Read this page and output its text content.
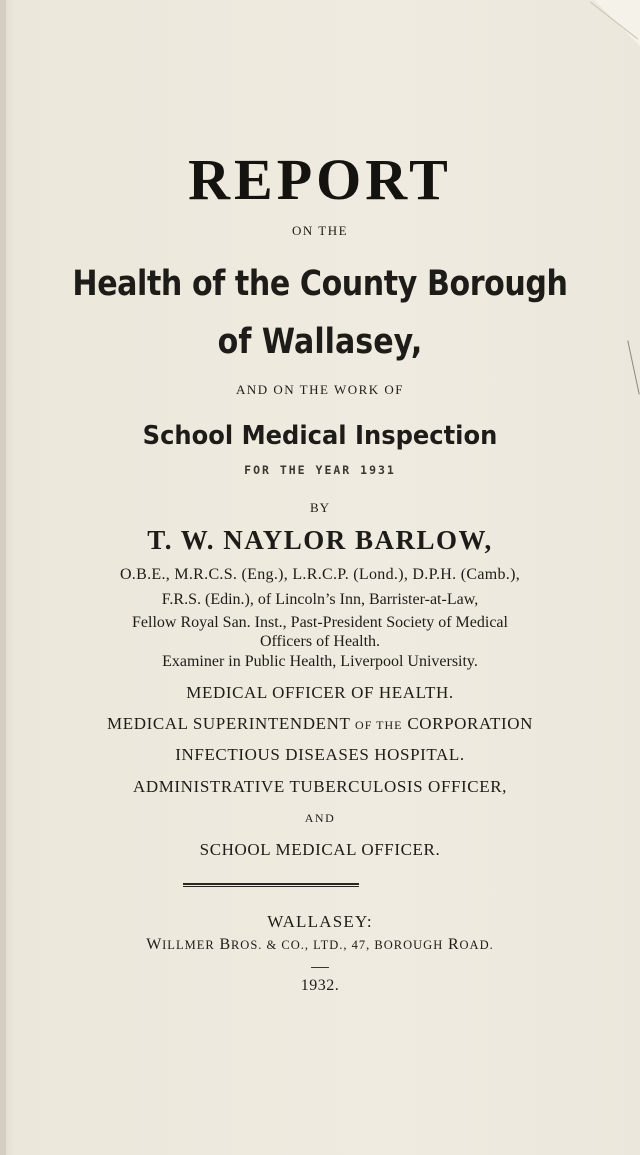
REPORT
ON THE
Health of the County Borough
of Wallasey,
AND ON THE WORK OF
School Medical Inspection
FOR THE YEAR 1931
BY
T. W. NAYLOR BARLOW,
O.B.E., M.R.C.S. (Eng.), L.R.C.P. (Lond.), D.P.H. (Camb.),
F.R.S. (Edin.), of Lincoln’s Inn, Barrister-at-Law,
Fellow Royal San. Inst., Past-President Society of Medical
Officers of Health.
Examiner in Public Health, Liverpool University.
MEDICAL OFFICER OF HEALTH.
MEDICAL SUPERINTENDENT OF THE CORPORATION
INFECTIOUS DISEASES HOSPITAL.
ADMINISTRATIVE TUBERCULOSIS OFFICER,
AND
SCHOOL MEDICAL OFFICER.
WALLASEY:
WILLMER BROS. & CO., LTD., 47, BOROUGH ROAD.
1932.
